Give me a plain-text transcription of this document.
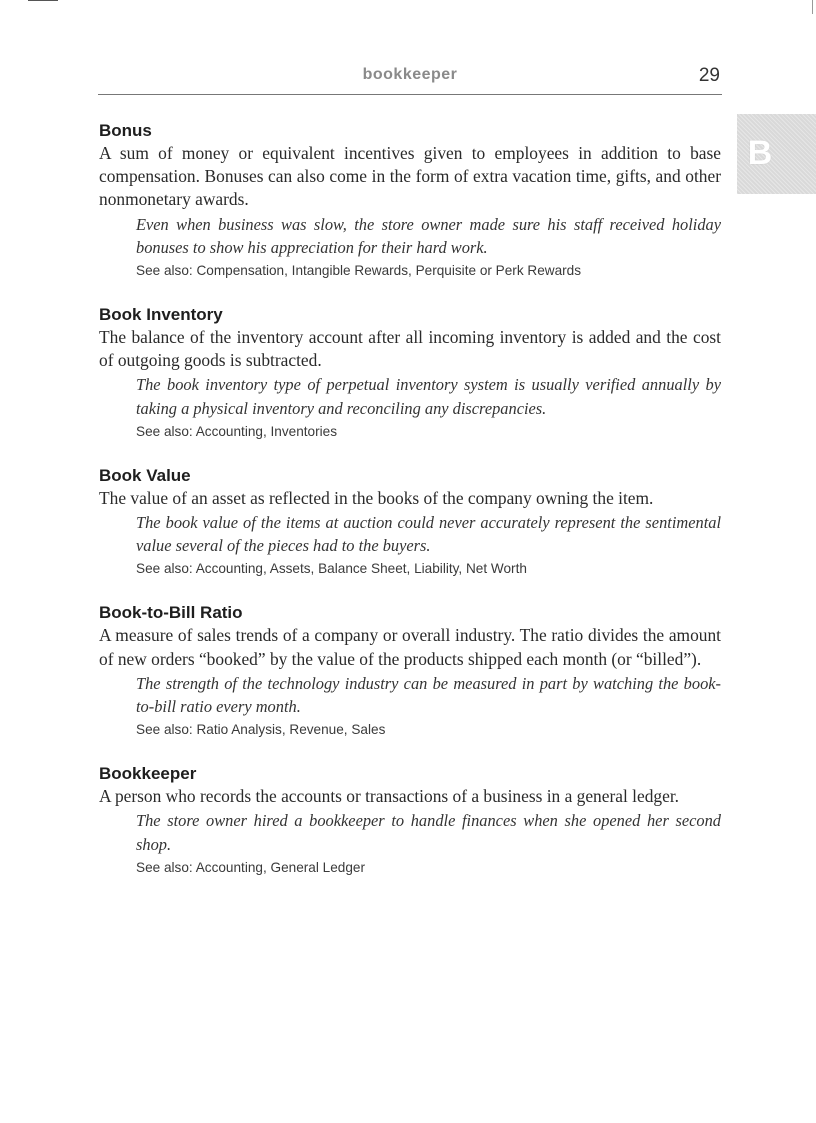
bookkeeper	29
B
Bonus
A sum of money or equivalent incentives given to employees in addition to base compensation. Bonuses can also come in the form of extra vacation time, gifts, and other nonmonetary awards.
Even when business was slow, the store owner made sure his staff received holiday bonuses to show his appreciation for their hard work.
See also: Compensation, Intangible Rewards, Perquisite or Perk Rewards
Book Inventory
The balance of the inventory account after all incoming inventory is added and the cost of outgoing goods is subtracted.
The book inventory type of perpetual inventory system is usually verified annually by taking a physical inventory and reconciling any discrepancies.
See also: Accounting, Inventories
Book Value
The value of an asset as reflected in the books of the company owning the item.
The book value of the items at auction could never accurately represent the sentimental value several of the pieces had to the buyers.
See also: Accounting, Assets, Balance Sheet, Liability, Net Worth
Book-to-Bill Ratio
A measure of sales trends of a company or overall industry. The ratio divides the amount of new orders “booked” by the value of the products shipped each month (or “billed”).
The strength of the technology industry can be measured in part by watching the book-to-bill ratio every month.
See also: Ratio Analysis, Revenue, Sales
Bookkeeper
A person who records the accounts or transactions of a business in a general ledger.
The store owner hired a bookkeeper to handle finances when she opened her second shop.
See also: Accounting, General Ledger
